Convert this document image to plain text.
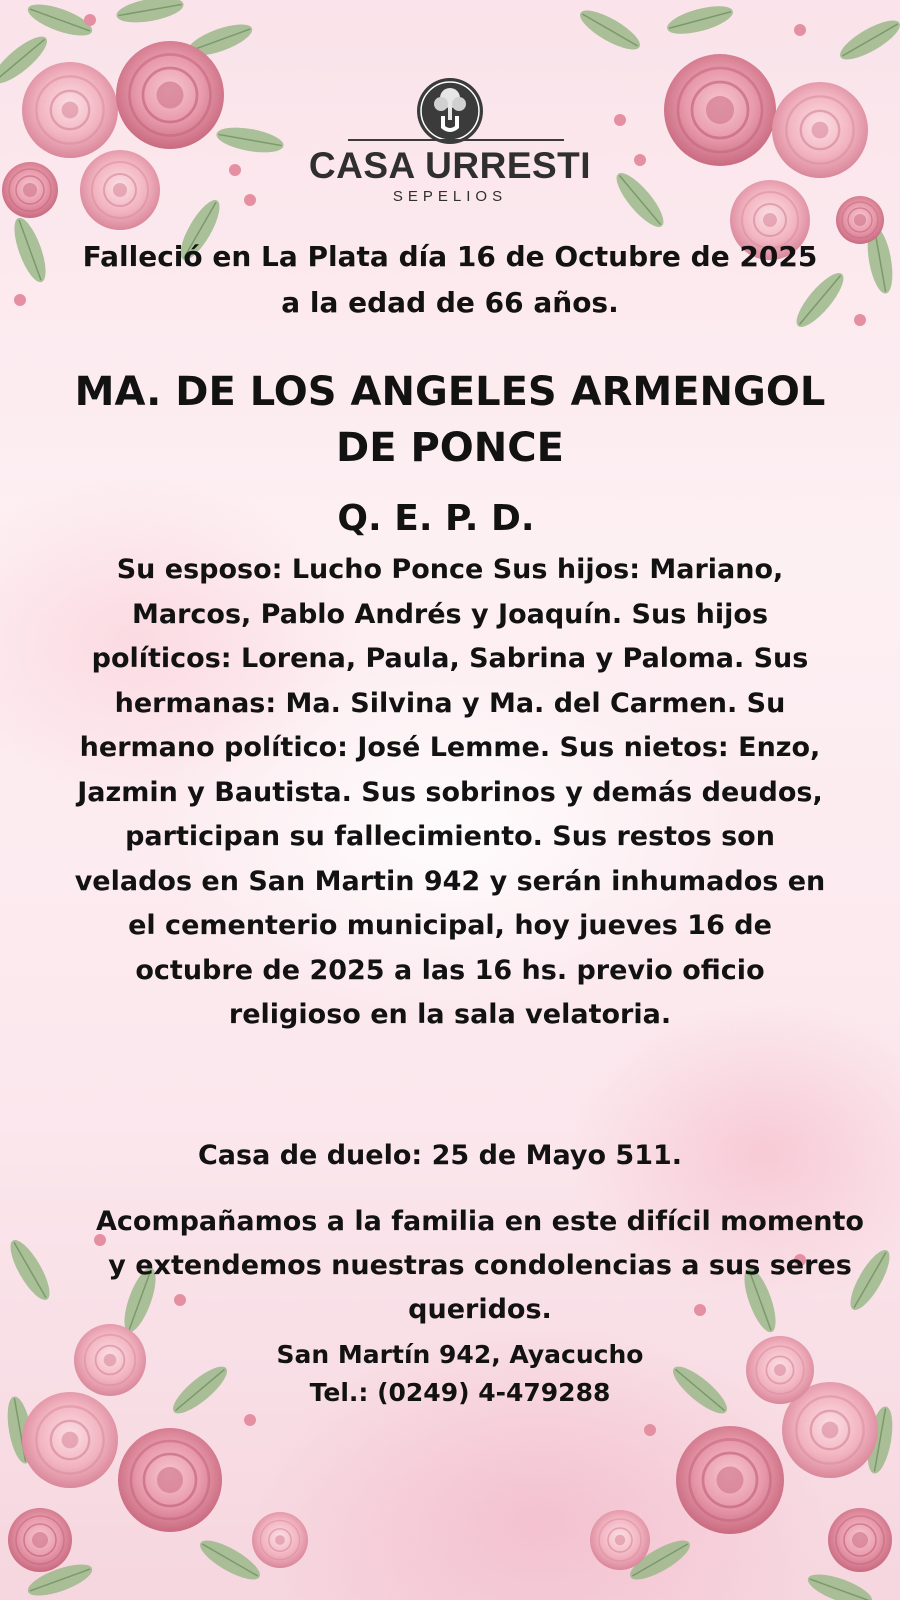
CASA URRESTI
SEPELIOS
Falleció en La Plata día 16 de Octubre de 2025
a la edad de 66 años.
MA. DE LOS ANGELES ARMENGOL
DE PONCE
Q. E. P. D.
Su esposo: Lucho Ponce Sus hijos: Mariano, Marcos, Pablo Andrés y Joaquín. Sus hijos políticos: Lorena, Paula, Sabrina y Paloma. Sus hermanas: Ma. Silvina y Ma. del Carmen. Su hermano político: José Lemme. Sus nietos: Enzo, Jazmin y Bautista. Sus sobrinos y demás deudos, participan su fallecimiento. Sus restos son velados en San Martin 942 y serán inhumados en el cementerio municipal, hoy jueves 16 de octubre de 2025 a las 16 hs. previo oficio religioso en la sala velatoria.
Casa de duelo: 25 de Mayo 511.
Acompañamos a la familia en este difícil momento y extendemos nuestras condolencias a sus seres queridos.
San Martín 942, Ayacucho
Tel.: (0249) 4-479288
